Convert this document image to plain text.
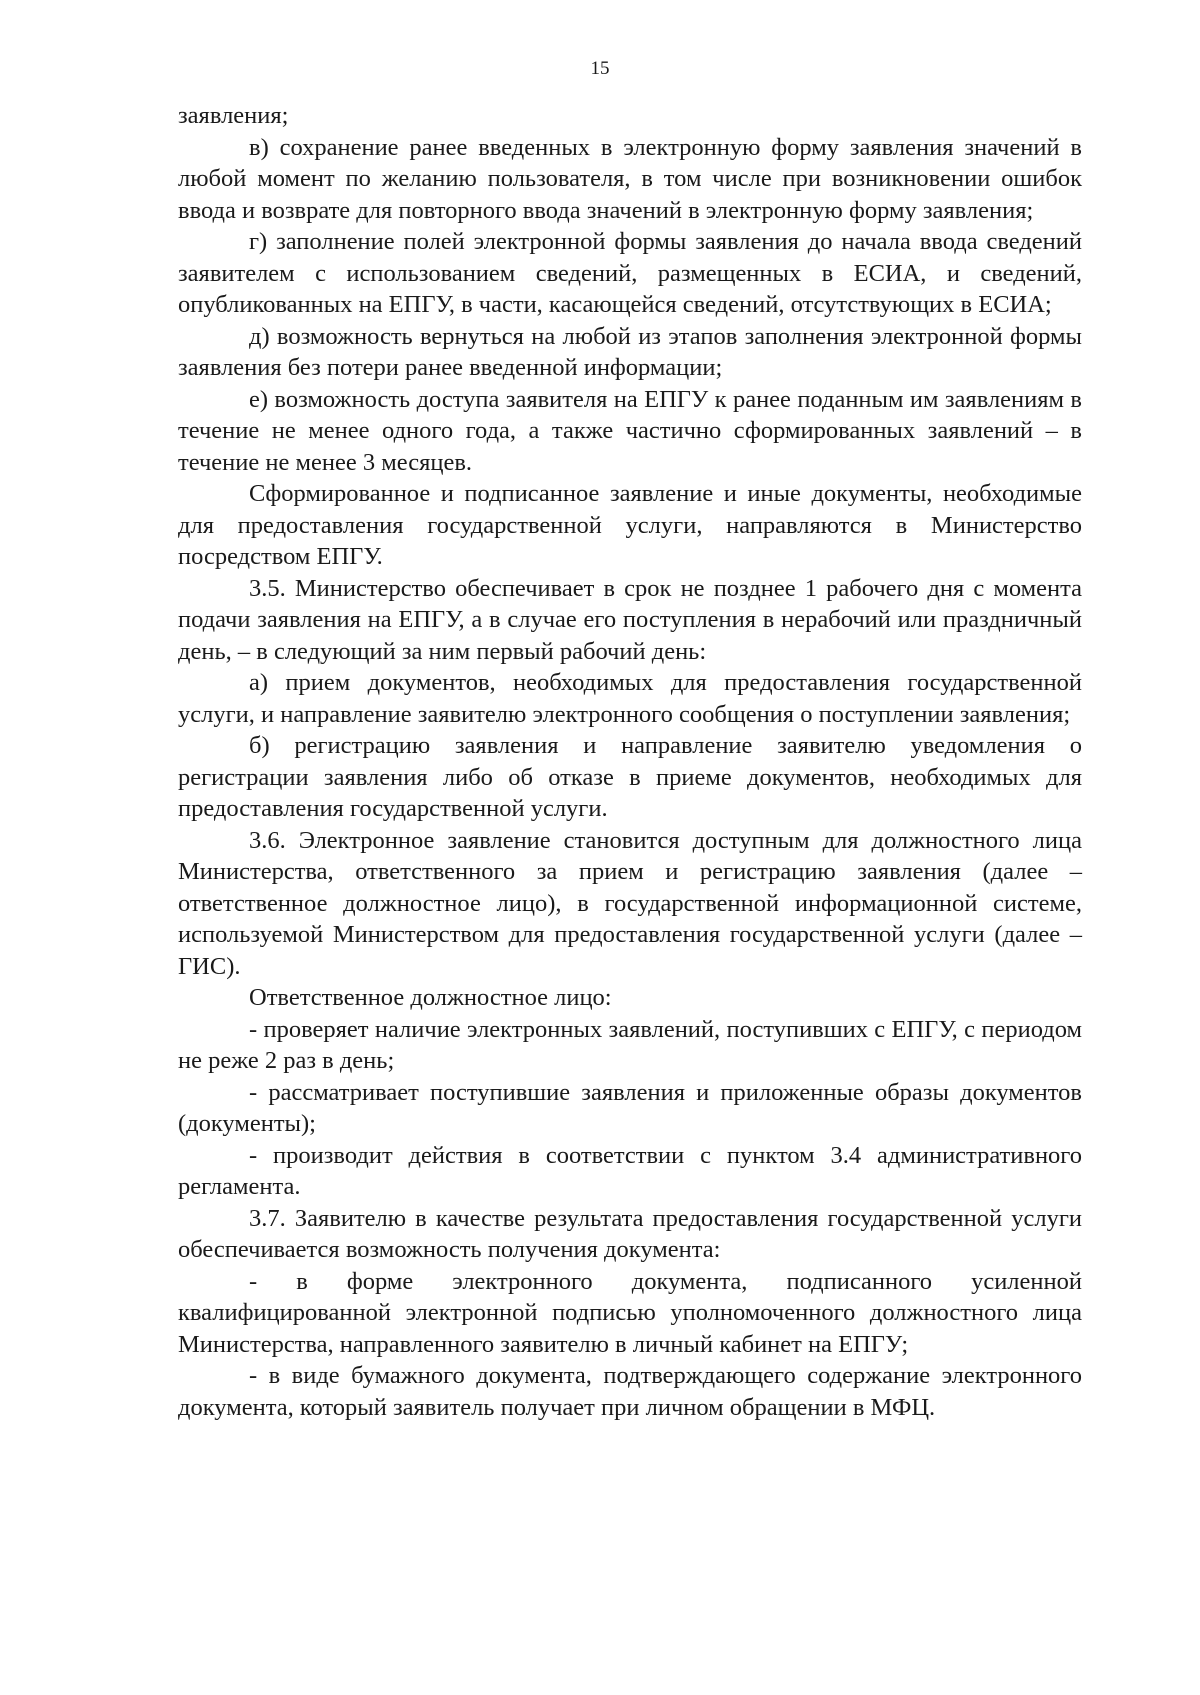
15

заявления;

в) сохранение ранее введенных в электронную форму заявления значений в любой момент по желанию пользователя, в том числе при возникновении ошибок ввода и возврате для повторного ввода значений в электронную форму заявления;

г) заполнение полей электронной формы заявления до начала ввода сведений заявителем с использованием сведений, размещенных в ЕСИА, и сведений, опубликованных на ЕПГУ, в части, касающейся сведений, отсутствующих в ЕСИА;

д) возможность вернуться на любой из этапов заполнения электронной формы заявления без потери ранее введенной информации;

е) возможность доступа заявителя на ЕПГУ к ранее поданным им заявлениям в течение не менее одного года, а также частично сформированных заявлений – в течение не менее 3 месяцев.

Сформированное и подписанное заявление и иные документы, необходимые для предоставления государственной услуги, направляются в Министерство посредством ЕПГУ.

3.5. Министерство обеспечивает в срок не позднее 1 рабочего дня с момента подачи заявления на ЕПГУ, а в случае его поступления в нерабочий или праздничный день, – в следующий за ним первый рабочий день:

а) прием документов, необходимых для предоставления государственной услуги, и направление заявителю электронного сообщения о поступлении заявления;

б) регистрацию заявления и направление заявителю уведомления о регистрации заявления либо об отказе в приеме документов, необходимых для предоставления государственной услуги.

3.6. Электронное заявление становится доступным для должностного лица Министерства, ответственного за прием и регистрацию заявления (далее – ответственное должностное лицо), в государственной информационной системе, используемой Министерством для предоставления государственной услуги (далее – ГИС).

Ответственное должностное лицо:

- проверяет наличие электронных заявлений, поступивших с ЕПГУ, с периодом не реже 2 раз в день;

- рассматривает поступившие заявления и приложенные образы документов (документы);

- производит действия в соответствии с пунктом 3.4 административного регламента.

3.7. Заявителю в качестве результата предоставления государственной услуги обеспечивается возможность получения документа:

- в форме электронного документа, подписанного усиленной квалифицированной электронной подписью уполномоченного должностного лица Министерства, направленного заявителю в личный кабинет на ЕПГУ;

- в виде бумажного документа, подтверждающего содержание электронного документа, который заявитель получает при личном обращении в МФЦ.
